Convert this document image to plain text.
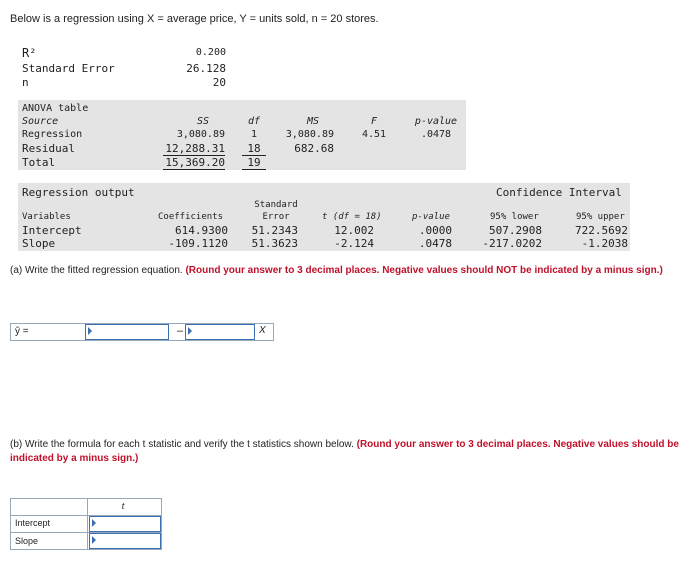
Below is a regression using X = average price, Y = units sold, n = 20 stores.
R²	0.200
Standard Error	26.128
n	20
ANOVA table
Source	SS	df	MS	F	p-value
Regression	3,080.89	1	3,080.89	4.51	.0478
Residual	12,288.31	18	682.68
Total	15,369.20	19
Regression output	Confidence Interval
Standard
Variables	Coefficients	Error	t (df = 18)	p-value	95% lower	95% upper
Intercept	614.9300	51.2343	12.002	.0000	507.2908	722.5692
Slope	-109.1120	51.3623	-2.124	.0478	-217.0202	-1.2038
(a) Write the fitted regression equation. (Round your answer to 3 decimal places. Negative values should NOT be indicated by a minus sign.)
ŷ =	–	X
(b) Write the formula for each t statistic and verify the t statistics shown below. (Round your answer to 3 decimal places. Negative values should be indicated by a minus sign.)
t
Intercept
Slope
